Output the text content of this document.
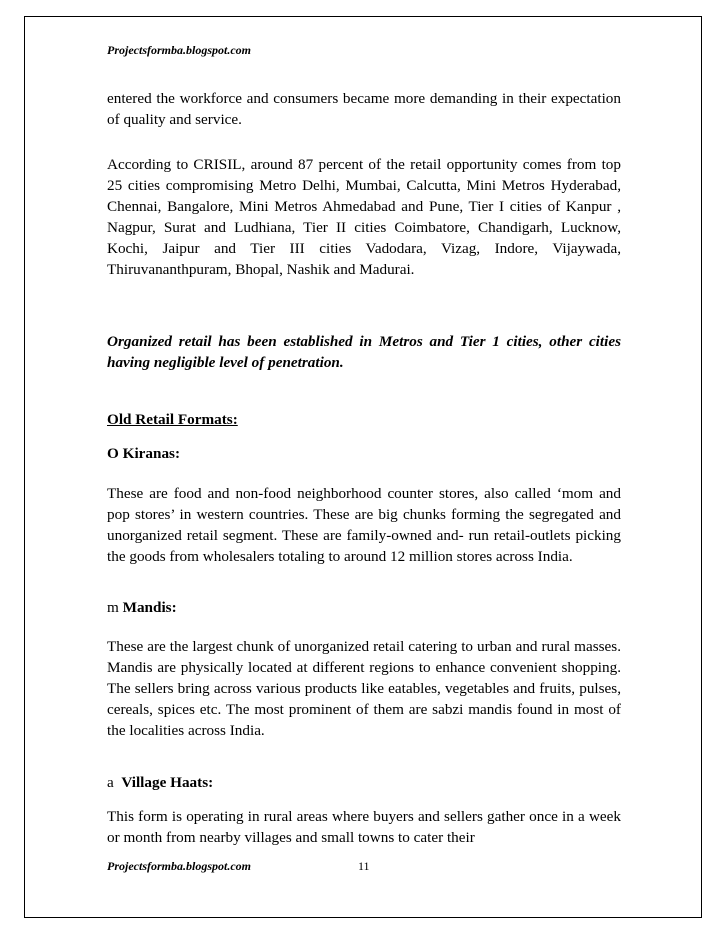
Projectsformba.blogspot.com

entered the workforce and consumers became more demanding in their expectation of quality and service.

According to CRISIL, around 87 percent of the retail opportunity comes from top 25 cities compromising Metro Delhi, Mumbai, Calcutta, Mini Metros Hyderabad, Chennai, Bangalore, Mini Metros Ahmedabad and Pune, Tier I cities of Kanpur , Nagpur, Surat and Ludhiana, Tier II cities Coimbatore, Chandigarh, Lucknow, Kochi, Jaipur and Tier III cities Vadodara, Vizag, Indore, Vijaywada, Thiruvananthpuram, Bhopal, Nashik and Madurai.

Organized retail has been established in Metros and Tier 1 cities, other cities having negligible level of penetration.

Old Retail Formats:

O Kiranas:

These are food and non-food neighborhood counter stores, also called ‘mom and pop stores’ in western countries. These are big chunks forming the segregated and unorganized retail segment. These are family-owned and- run retail-outlets picking the goods from wholesalers totaling to around 12 million stores across India.

m Mandis:

These are the largest chunk of unorganized retail catering to urban and rural masses. Mandis are physically located at different regions to enhance convenient shopping. The sellers bring across various products like eatables, vegetables and fruits, pulses, cereals, spices etc. The most prominent of them are sabzi mandis found in most of the localities across India.

a Village Haats:

This form is operating in rural areas where buyers and sellers gather once in a week or month from nearby villages and small towns to cater their

Projectsformba.blogspot.com	11
